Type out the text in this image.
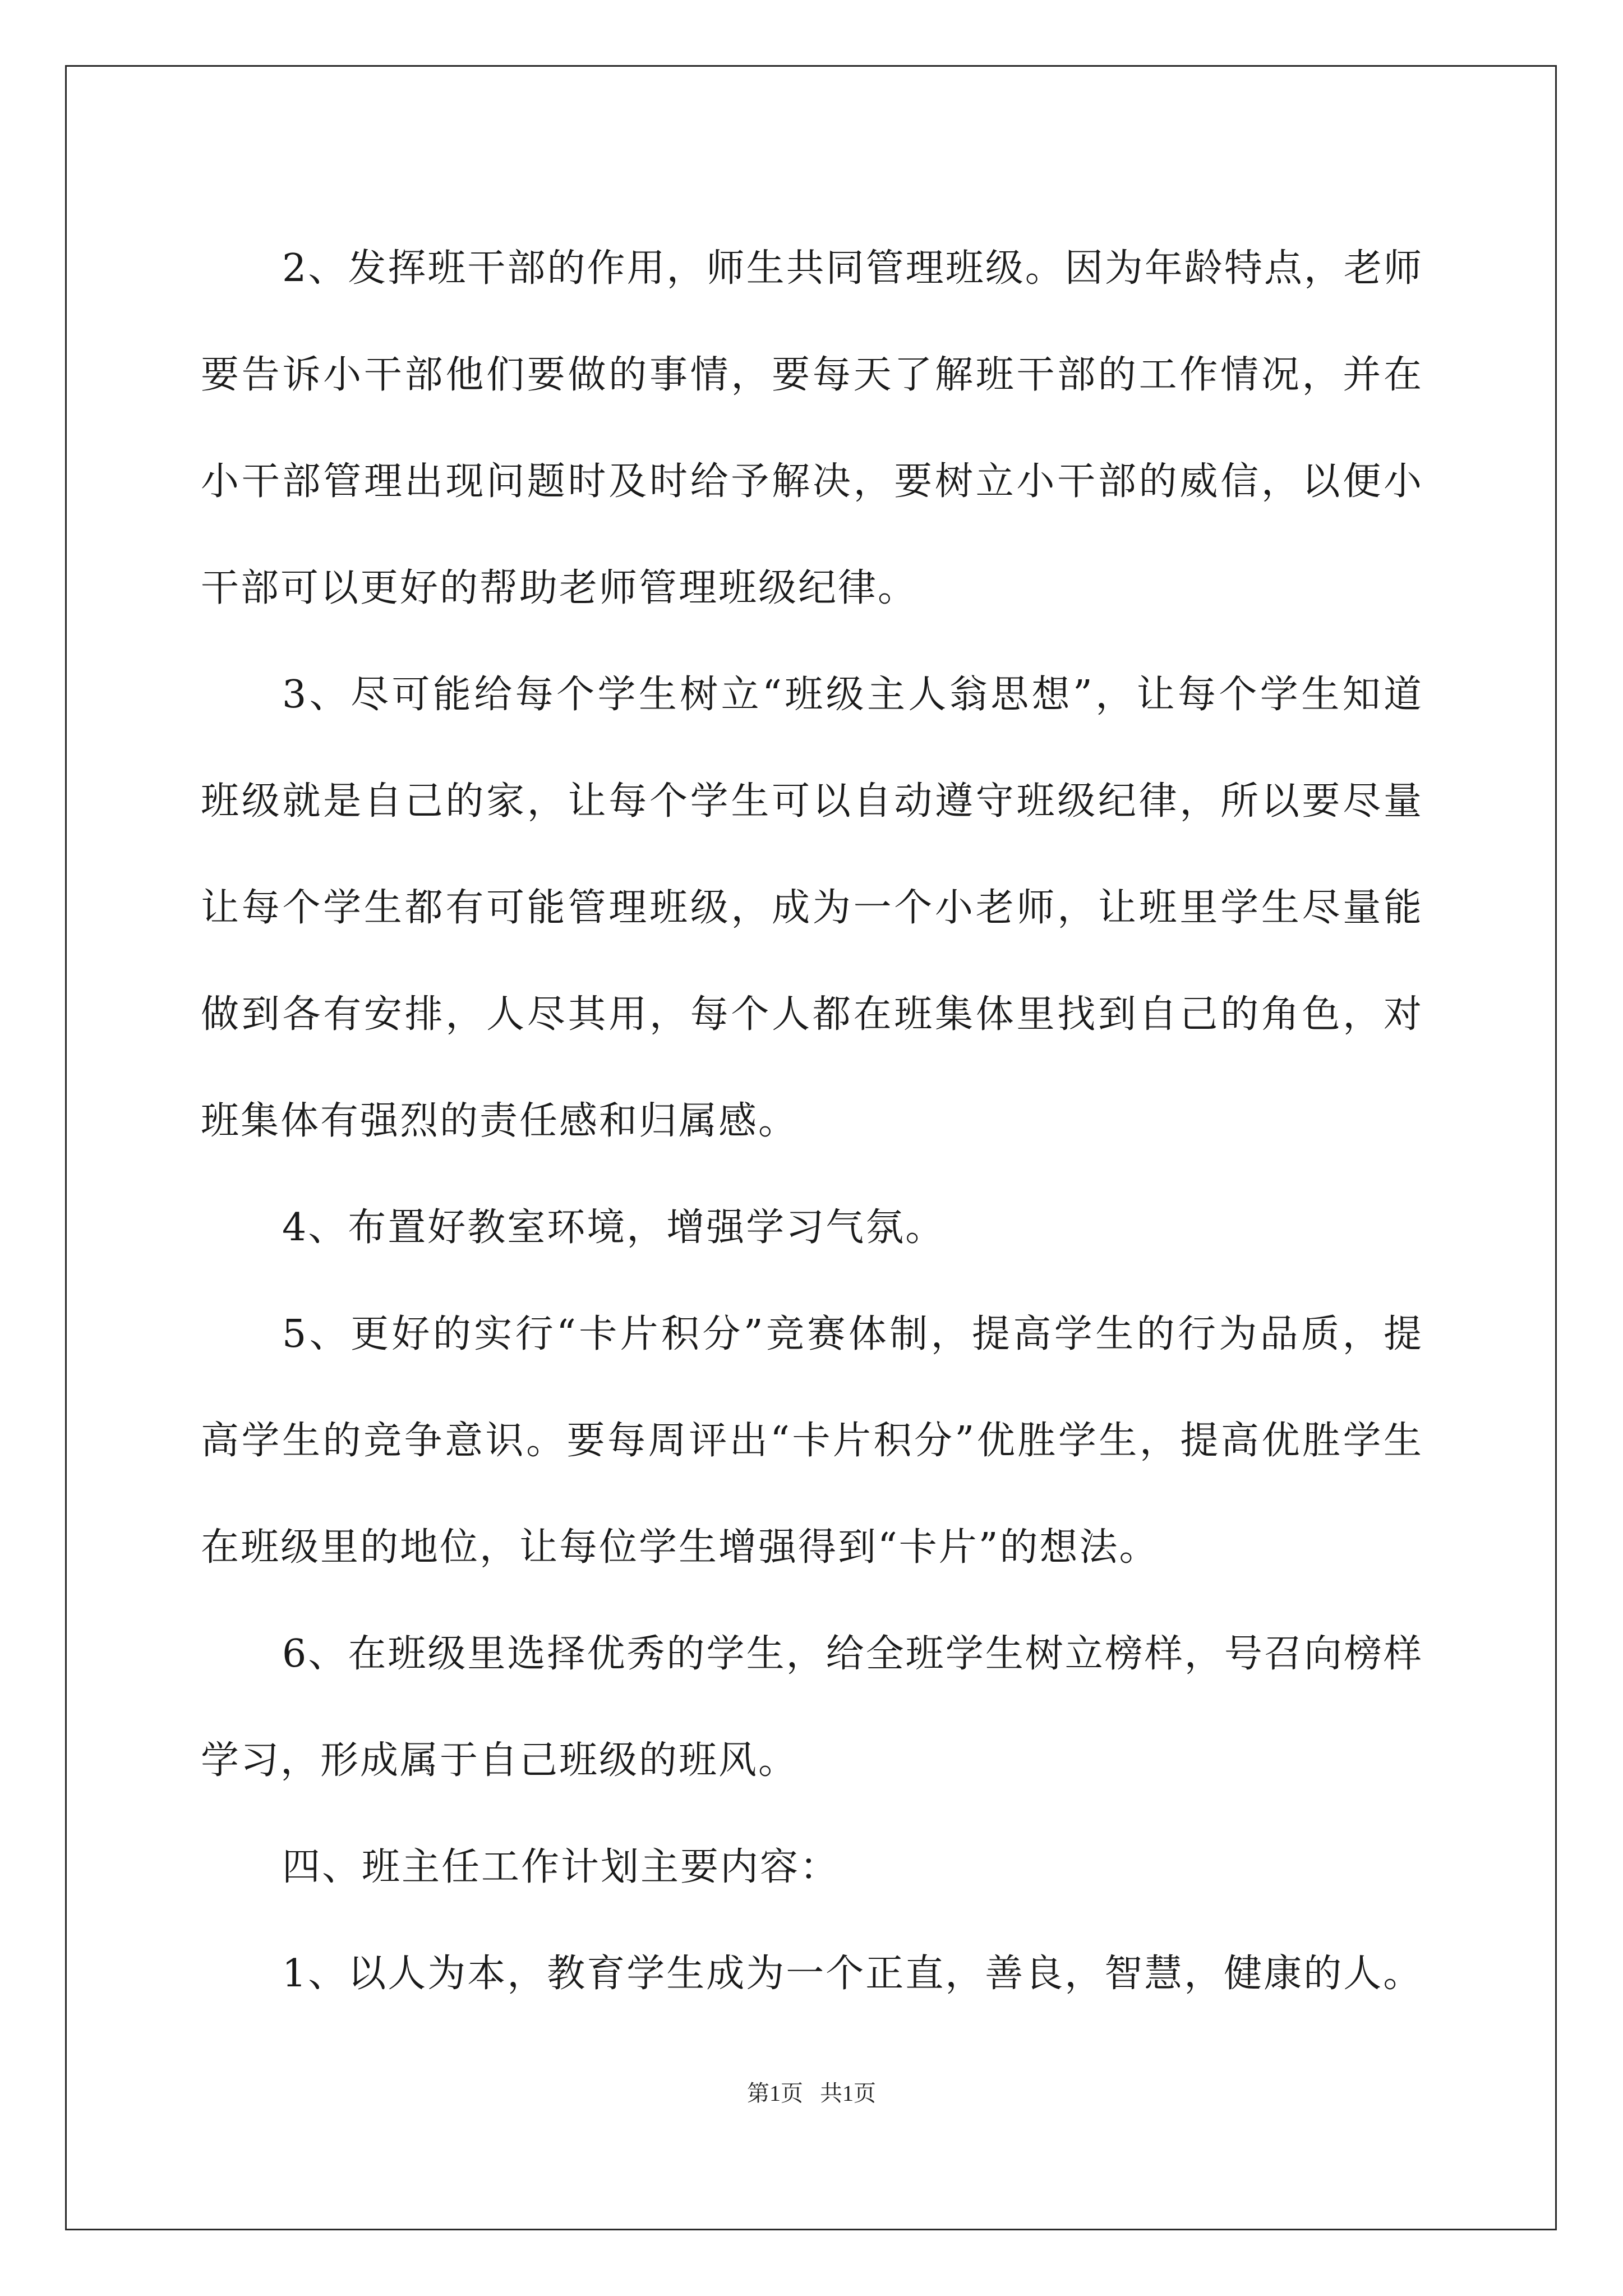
2、发挥班干部的作用，师生共同管理班级。因为年龄特点，老师要告诉小干部他们要做的事情，要每天了解班干部的工作情况，并在小干部管理出现问题时及时给予解决，要树立小干部的威信，以便小干部可以更好的帮助老师管理班级纪律。

3、尽可能给每个学生树立“班级主人翁思想”，让每个学生知道班级就是自己的家，让每个学生可以自动遵守班级纪律，所以要尽量让每个学生都有可能管理班级，成为一个小老师，让班里学生尽量能做到各有安排，人尽其用，每个人都在班集体里找到自己的角色，对班集体有强烈的责任感和归属感。

4、布置好教室环境，增强学习气氛。

5、更好的实行“卡片积分”竞赛体制，提高学生的行为品质，提高学生的竞争意识。要每周评出“卡片积分”优胜学生，提高优胜学生在班级里的地位，让每位学生增强得到“卡片”的想法。

6、在班级里选择优秀的学生，给全班学生树立榜样，号召向榜样学习，形成属于自己班级的班风。

四、班主任工作计划主要内容：

1、以人为本，教育学生成为一个正直，善良，智慧，健康的人。

第1页 共1页
